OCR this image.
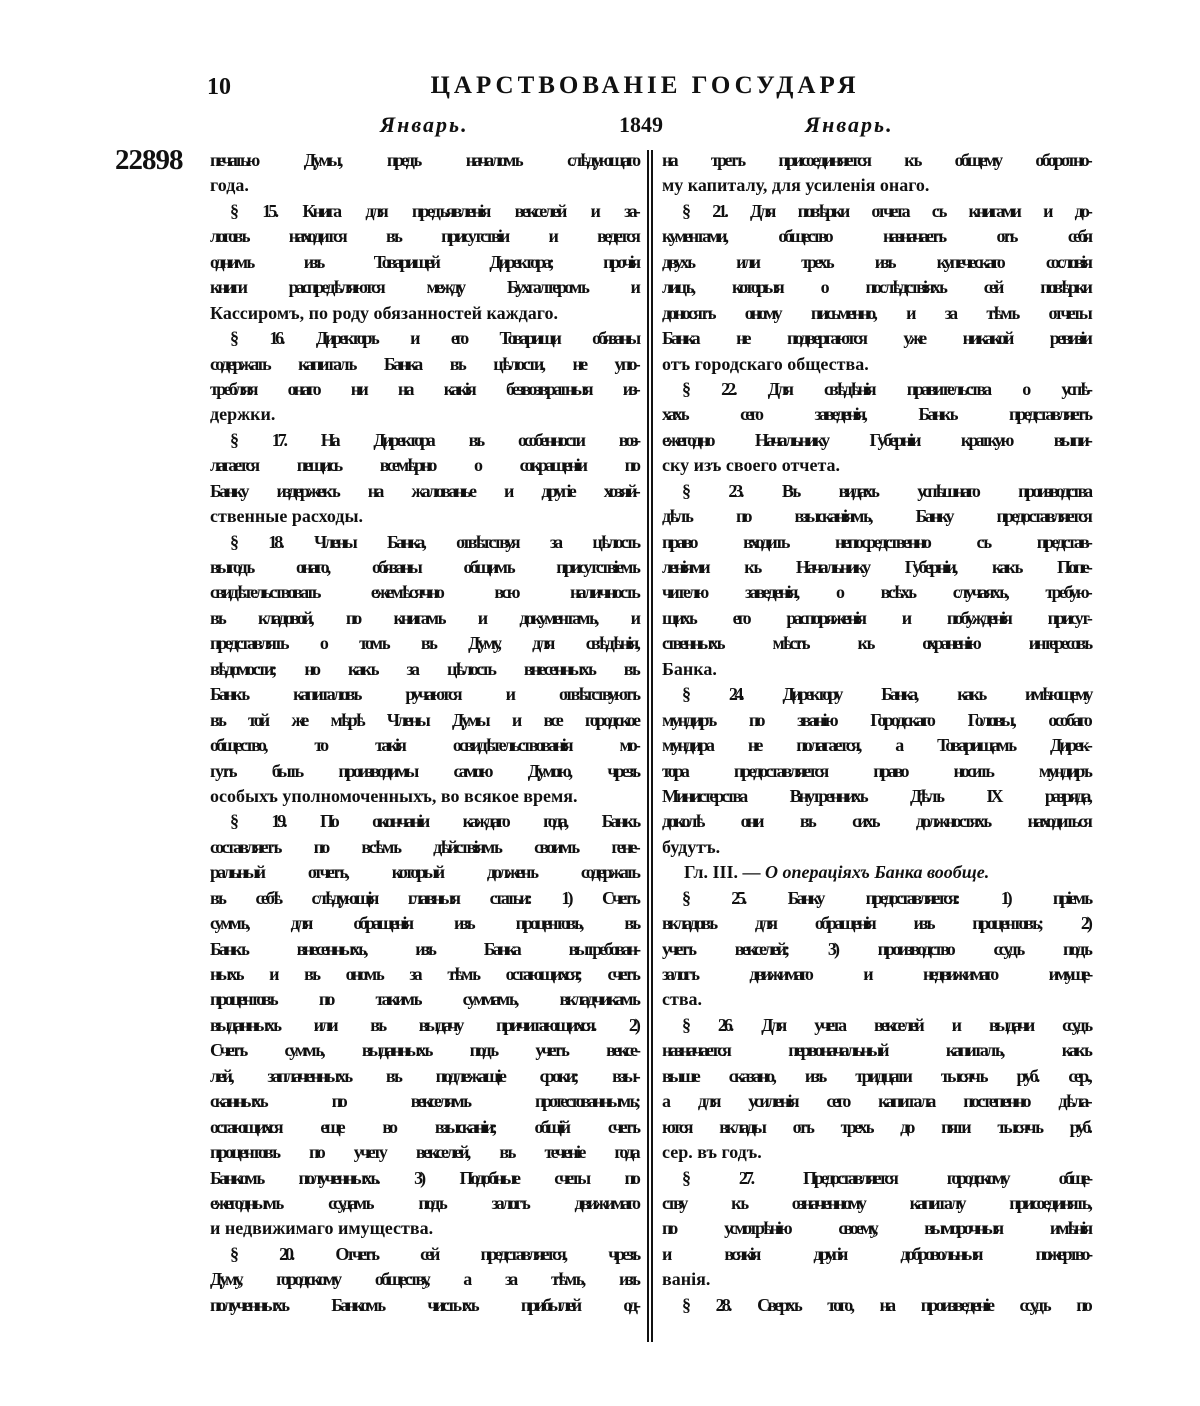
10	ЦАРСТВОВАНІЕ ГОСУДАРЯ
Январь.	1849	Январь.
22898 печатью Думы, предъ началомъ слѣдующаго
года.
§ 15. Книга для предъявленія векселей и за-
логовъ находится въ присутствіи и ведется
однимъ изъ Товарищей Директора; прочія
книги распредѣляются между Бухгалтеромъ и
Кассиромъ, по роду обязанностей каждаго.
§ 16. Директоръ и его Товарищи обязаны
содержать капиталъ Банка въ цѣлости, не упо-
требляя онаго ни на какія безвозвратныя из-
держки.
§ 17. На Директора въ особенности воз-
лагается пещись всемѣрно о сокращеніи по
Банку издержекъ на жалованье и другіе хозяй-
ственные расходы.
§ 18. Члены Банка, отвѣтствуя за цѣлость
выгодъ онаго, обязаны общимъ присутствіемъ
свидѣтельствовать ежемѣсячно всю наличность
въ кладовой, по книгамъ и документамъ, и
представлять о томъ въ Думу, для свѣдѣнія,
вѣдомости; но какъ за цѣлость внесенныхъ въ
Банкъ капиталовъ ручаются и отвѣтствуютъ
въ той же мѣрѣ Члены Думы и все городское
общество, то такія освидѣтельствованія мо-
гутъ быть производимы самою Думою, чрезъ
особыхъ уполномоченныхъ, во всякое время.
§ 19. По окончаніи каждаго года, Банкъ
составляетъ по всѣмъ дѣйствіямъ своимъ гене-
ральный отчетъ, который долженъ содержать
въ себѣ слѣдующія главныя статьи: 1) Счетъ
суммъ, для обращенія изъ процентовъ, въ
Банкъ внесенныхъ, изъ Банка вытребован-
ныхъ и въ ономъ за тѣмъ остающихся; счетъ
процентовъ по такимъ суммамъ, вкладчикамъ
выданныхъ или въ выдачу причитающихся. 2)
Счетъ суммъ, выданныхъ подъ учетъ вексе-
лей, заплаченныхъ въ подлежащіе сроки; взы-
сканныхъ по векселямъ протестованнымъ;
остающихся еще во взысканіи; общій счетъ
процентовъ по учету векселей, въ теченіе года
Банкомъ полученныхъ. 3) Подобные счеты по
ежегоднымъ ссудамъ подъ залогъ движимаго
и недвижимаго имущества.
§ 20. Отчетъ сей представляется, чрезъ
Думу, городскому обществу, а за тѣмъ, изъ
полученныхъ Банкомъ чистыхъ прибылей од-
на третъ присоединяется къ общему оборотно-
му капиталу, для усиленія онаго.
§ 21. Для повѣрки отчета съ книгами и до-
кументами, общество назначаетъ отъ себя
двухъ или трехъ изъ купеческаго сословія
лицъ, которыя о послѣдствіяхъ сей повѣрки
доносятъ оному письменно, и за тѣмъ отчеты
Банка не подвергаются уже никакой ревизіи
отъ городскаго общества.
§ 22. Для свѣдѣнія правительства о успѣ-
хахъ сего заведенія, Банкъ представляетъ
ежегодно Начальнику Губерніи краткую выпи-
ску изъ своего отчета.
§ 23. Въ видахъ успѣшнаго производства
дѣлъ по взысканіямъ, Банку предоставляется
право входить непосредственно съ представ-
леніями къ Начальнику Губерніи, какъ Попе-
чителю заведенія, о всѣхъ случаяхъ, требую-
щихъ его распоряженія и побужденія присут-
ственныхъ мѣстъ къ охраненію интересовъ
Банка.
§ 24. Директору Банка, какъ имѣющему
мундиръ по званію Городскаго Головы, особаго
мундира не полагается, а Товарищамъ Дирек-
тора предоставляется право носить мундиръ
Министерства Внутреннихъ Дѣлъ IX разряда,
доколѣ они въ сихъ должностяхъ находиться
будутъ.
Гл. III. — О операціяхъ Банка вообще.
§ 25. Банку предоставляется: 1) пріемъ
вкладовъ для обращенія изъ процентовъ; 2)
учетъ векселей; 3) производство ссудъ подъ
залогъ движимаго и недвижимаго имуще-
ства.
§ 26. Для учета векселей и выдачи ссудъ
назначается первоначальный капиталъ, какъ
выше сказано, изъ тридцати тысячъ руб. сер.,
а для усиленія сего капитала постепенно дѣла-
ются вклады отъ трехъ до пяти тысячъ руб.
сер. въ годъ.
§ 27. Предоставляется городскому обще-
ству къ означенному капиталу присоединять,
по усмотрѣнію своему, выморочныя имѣнія
и всякія другія добровольныя пожертво-
ванія.
§ 28. Сверхъ того, на произведеніе ссудъ по
